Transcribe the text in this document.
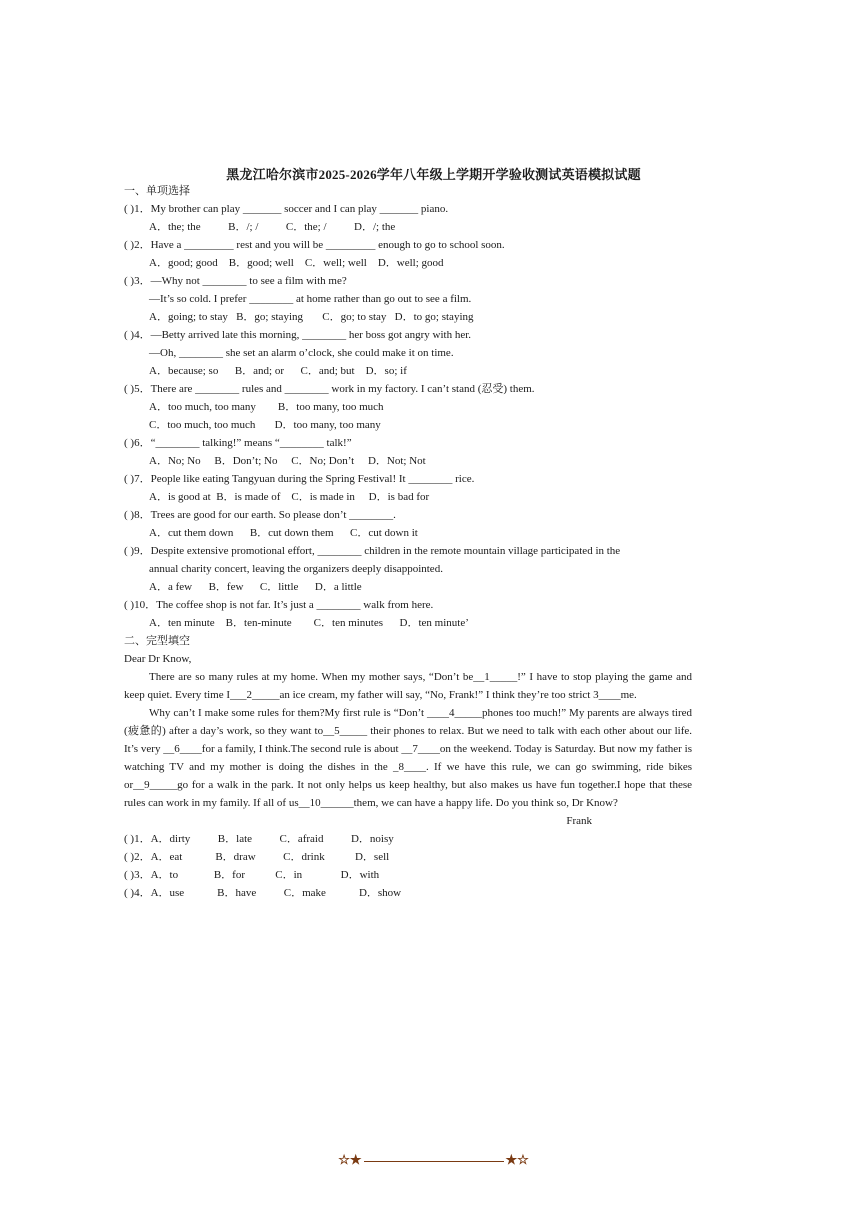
黑龙江哈尔滨市2025-2026学年八年级上学期开学验收测试英语模拟试题
一、单项选择
( )1．My brother can play _______ soccer and I can play _______ piano.
A．the; the          B．/; /          C．the; /          D．/; the
( )2．Have a _________ rest and you will be _________ enough to go to school soon.
A．good; good    B．good; well    C．well; well    D．well; good
( )3．—Why not ________ to see a film with me?
—It’s so cold. I prefer ________ at home rather than go out to see a film.
A．going; to stay   B．go; staying       C．go; to stay   D．to go; staying
( )4．—Betty arrived late this morning, ________ her boss got angry with her.
—Oh, ________ she set an alarm o’clock, she could make it on time.
A．because; so      B．and; or      C．and; but    D．so; if
( )5．There are ________ rules and ________ work in my factory. I can’t stand (忍受) them.
A．too much, too many        B．too many, too much
C．too much, too much       D．too many, too many
( )6．“________ talking!” means “________ talk!”
A．No; No     B．Don’t; No     C．No; Don’t     D．Not; Not
( )7．People like eating Tangyuan during the Spring Festival! It ________ rice.
A．is good at  B．is made of    C．is made in     D．is bad for
( )8．Trees are good for our earth. So please don’t ________.
A．cut them down      B．cut down them      C．cut down it
( )9．Despite extensive promotional effort, ________ children in the remote mountain village participated in the
annual charity concert, leaving the organizers deeply disappointed.
A．a few      B．few      C．little      D．a little
( )10．The coffee shop is not far. It’s just a ________ walk from here.
A．ten minute    B．ten-minute        C．ten minutes      D．ten minute’
二、完型填空
Dear Dr Know,
There are so many rules at my home. When my mother says, “Don’t be__1_____!” I have to stop playing the game and keep quiet. Every time I___2_____an ice cream, my father will say, “No, Frank!” I think they’re too strict 3____me.
Why can’t I make some rules for them?My first rule is “Don’t ____4_____phones too much!” My parents are always tired (疲惫的) after a day’s work, so they want to__5_____ their phones to relax. But we need to talk with each other about our life. It’s very __6____for a family, I think.The second rule is about __7____on the weekend. Today is Saturday. But now my father is watching TV and my mother is doing the dishes in the _8____. If we have this rule, we can go swimming, ride bikes or__9_____go for a walk in the park. It not only helps us keep healthy, but also makes us have fun together.I hope that these rules can work in my family. If all of us__10______them, we can have a happy life. Do you think so, Dr Know?
Frank
( )1．A．dirty          B．late          C．afraid          D．noisy
( )2．A．eat            B．draw          C．drink           D．sell
( )3．A．to             B．for           C．in              D．with
( )4．A．use            B．have          C．make            D．show
☆★	★☆
